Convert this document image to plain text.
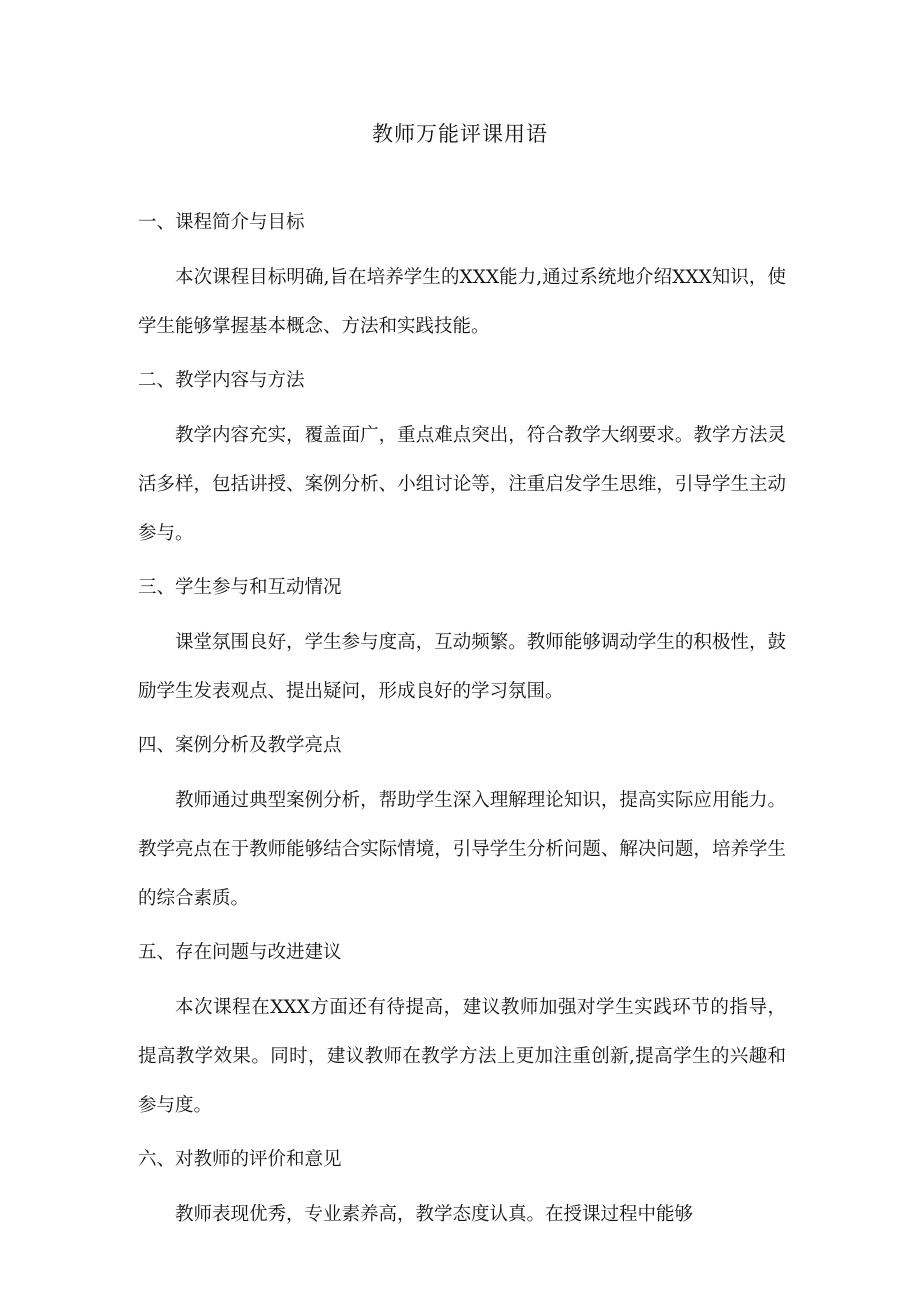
教师万能评课用语

一、课程简介与目标

本次课程目标明确,旨在培养学生的XXX能力,通过系统地介绍XXX知识，使学生能够掌握基本概念、方法和实践技能。

二、教学内容与方法

教学内容充实，覆盖面广，重点难点突出，符合教学大纲要求。教学方法灵活多样，包括讲授、案例分析、小组讨论等，注重启发学生思维，引导学生主动参与。

三、学生参与和互动情况

课堂氛围良好，学生参与度高，互动频繁。教师能够调动学生的积极性，鼓励学生发表观点、提出疑问，形成良好的学习氛围。

四、案例分析及教学亮点

教师通过典型案例分析，帮助学生深入理解理论知识，提高实际应用能力。教学亮点在于教师能够结合实际情境，引导学生分析问题、解决问题，培养学生的综合素质。

五、存在问题与改进建议

本次课程在XXX方面还有待提高，建议教师加强对学生实践环节的指导，提高教学效果。同时，建议教师在教学方法上更加注重创新,提高学生的兴趣和参与度。

六、对教师的评价和意见

教师表现优秀，专业素养高，教学态度认真。在授课过程中能够
